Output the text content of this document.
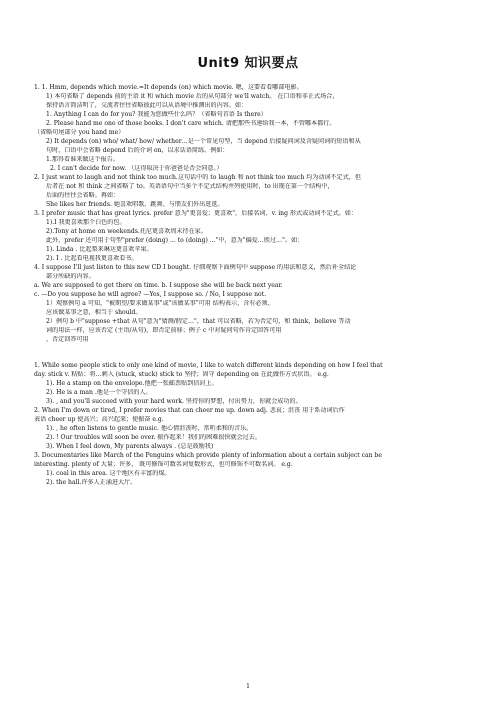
Unit9 知识要点
1. 1. Hmm, depends which movie.=It depends (on) which movie. 嗯，这要看看哪部电影。
1) 本句省略了 depends 前的主语 it 和 which movie 后的从句部分 we'll watch。 在口语和非正式场合，
保持语言简洁明了，交流者往往省略彼此可以从语境中推测出的内容。如：
1. Anything I can do for you? 我能为您做些什么吗？（省略句首语 Is there）
2. Please hand me one of those books. I don't care which. 请把那些书递给我一本，不管哪本都行。
（省略句尾部分 you hand me）
2) It depends (on) who/ what/ how/ whether…是一个常见句型，当 depend 后接疑问词及含疑问词的短语和从
句时，口语中会省略 depend 后的介词 on，以求话语简练。例如：
1.那得看谁来做这个报告。
2. I can't decide for now. （这得取决于你爸爸是否会同意。）
2. I just want to laugh and not think too much.这句话中的 to laugh 和 not think too much 均为动词不定式，但
后者在 not 和 think 之间省略了 to。英语语句中当多个不定式结构并列使用时，to 出现在第一个结构中，
后面的往往会省略。再如：
She likes her friends. 她喜欢唱歌、跳舞、与朋友们外出逛逛。
3. I prefer music that has great lyrics. prefer 意为"更喜爱；更喜欢"，后接名词、v. ing 形式或动词不定式。如：
1).I 我更喜欢那个白色的包。
2).Tony at home on weekends.托尼更喜欢周末待在家。
此外，prefer 还可用于句型"prefer (doing) ... to (doing) ..."中，意为"偏爱…胜过…"。如：
1). Linda . 比起梨来琳达更喜欢苹果。
2). I . 比起看电视我更喜欢看书。
4. I suppose I'll just listen to this new CD I bought. 仔细观察下面例句中 suppose 的用法和意义，然后补全结论
部分所缺的内容。
a. We are supposed to get there on time. b. I suppose she will be back next year.
c. —Do you suppose he will agree? —Yes, I suppose so. / No, I suppose not.
1）观察例句 a 可知，"被期望/要求做某事"或"该做某事"可用 结构表示，含有必须、
应该做某事之意，相当于 should。
2）例句 b 中"suppose +that 从句"意为"猜测/假定…"，that 可以省略，若为否定句，和 think，believe 等动
词的用法一样，应该否定 (主语/从句)，即否定前移；例子 c 中对疑问句作肯定回答可用
，否定回答可用
1. While some people stick to only one kind of movie, I like to watch different kinds depending on how I feel that
day. stick v. 粘贴；将…刺入 (stuck, stuck) stick to 坚持；固守 depending on 在此做作方式状语。 e.g.
1). He a stamp on the envelope.他把一张邮票贴到信封上。
2). He is a man .他是一个守信的人。
3). , and you'll succeed with your hard work. 坚持你的梦想，付出努力，你就会成功的。
2. When I'm down or tired, I prefer movies that can cheer me up. down adj. 悲哀；沮丧 用于系动词后作
表语 cheer up 使高兴；高兴起来；使振奋 e.g.
1). , he often listens to gentle music. 他心情沮丧时，常听柔和的音乐。
2). ! Our troubles will soon be over. 振作起来！我们的困难很快就会过去。
3). When I feel down, My parents always . (总是鼓励我)
3. Documentaries like March of the Penguins which provide plenty of information about a certain subject can be
interesting. plenty of 大量；许多， 既可修饰可数名词复数形式，也可修饰不可数名词。 e.g.
1). coal in this area. 这个地区有丰富的煤。
2). the hall.许多人正涌进大厅。
1
